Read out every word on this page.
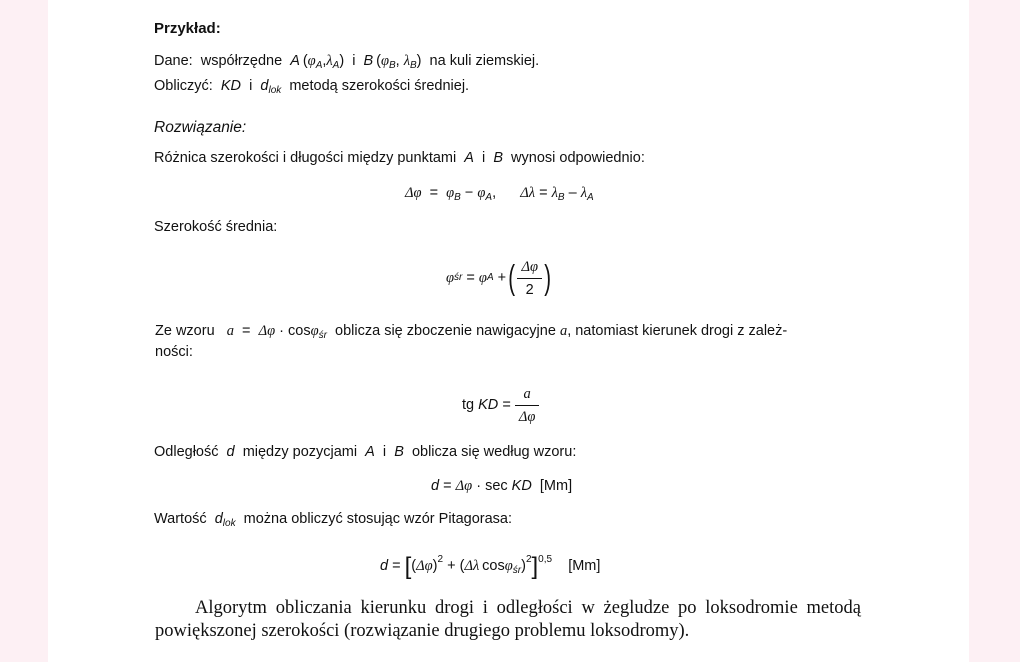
Przykład:
Dane: współrzędne A $(\varphi_A,\lambda_A)$  i B ($\varphi_B$, $\lambda_B$)  na kuli ziemskiej.
Obliczyć: KD i $d_{lok}$ metodą szerokości średniej.
Rozwiązanie:
Różnica szerokości i długości między punktami A i B wynosi odpowiednio:
$\Delta\varphi = \varphi_B - \varphi_A$, $\Delta\lambda = \lambda_B - \lambda_A$
Szerokość średnia:
φ śr
=
φ A
+ ( $\frac{\Delta\varphi}{2}$ )
Ze wzoru a = Δφ · cosφ$_{śr}$ oblicza się zboczenie nawigacyjne a, natomiast kierunek drogi z zależ-
ności:
tg
KD
=
$\frac{a}{\Delta\varphi}$
Odległość d między pozycjami A i B oblicza się według wzoru:
d = Δφ · sec KD [Mm]
Wartość $d_{lok}$ można obliczyć stosując wzór Pitagorasa:
$d = [(\Delta\varphi)^2 + (\Delta\lambda$  cosφ$_{śr}$)$^2$]$^{0,5}$ [Mm]
Algorytm obliczania kierunku drogi i odległości w żegludze po loksodromie metodą powiększonej szerokości (rozwiązanie drugiego problemu loksodromy).
